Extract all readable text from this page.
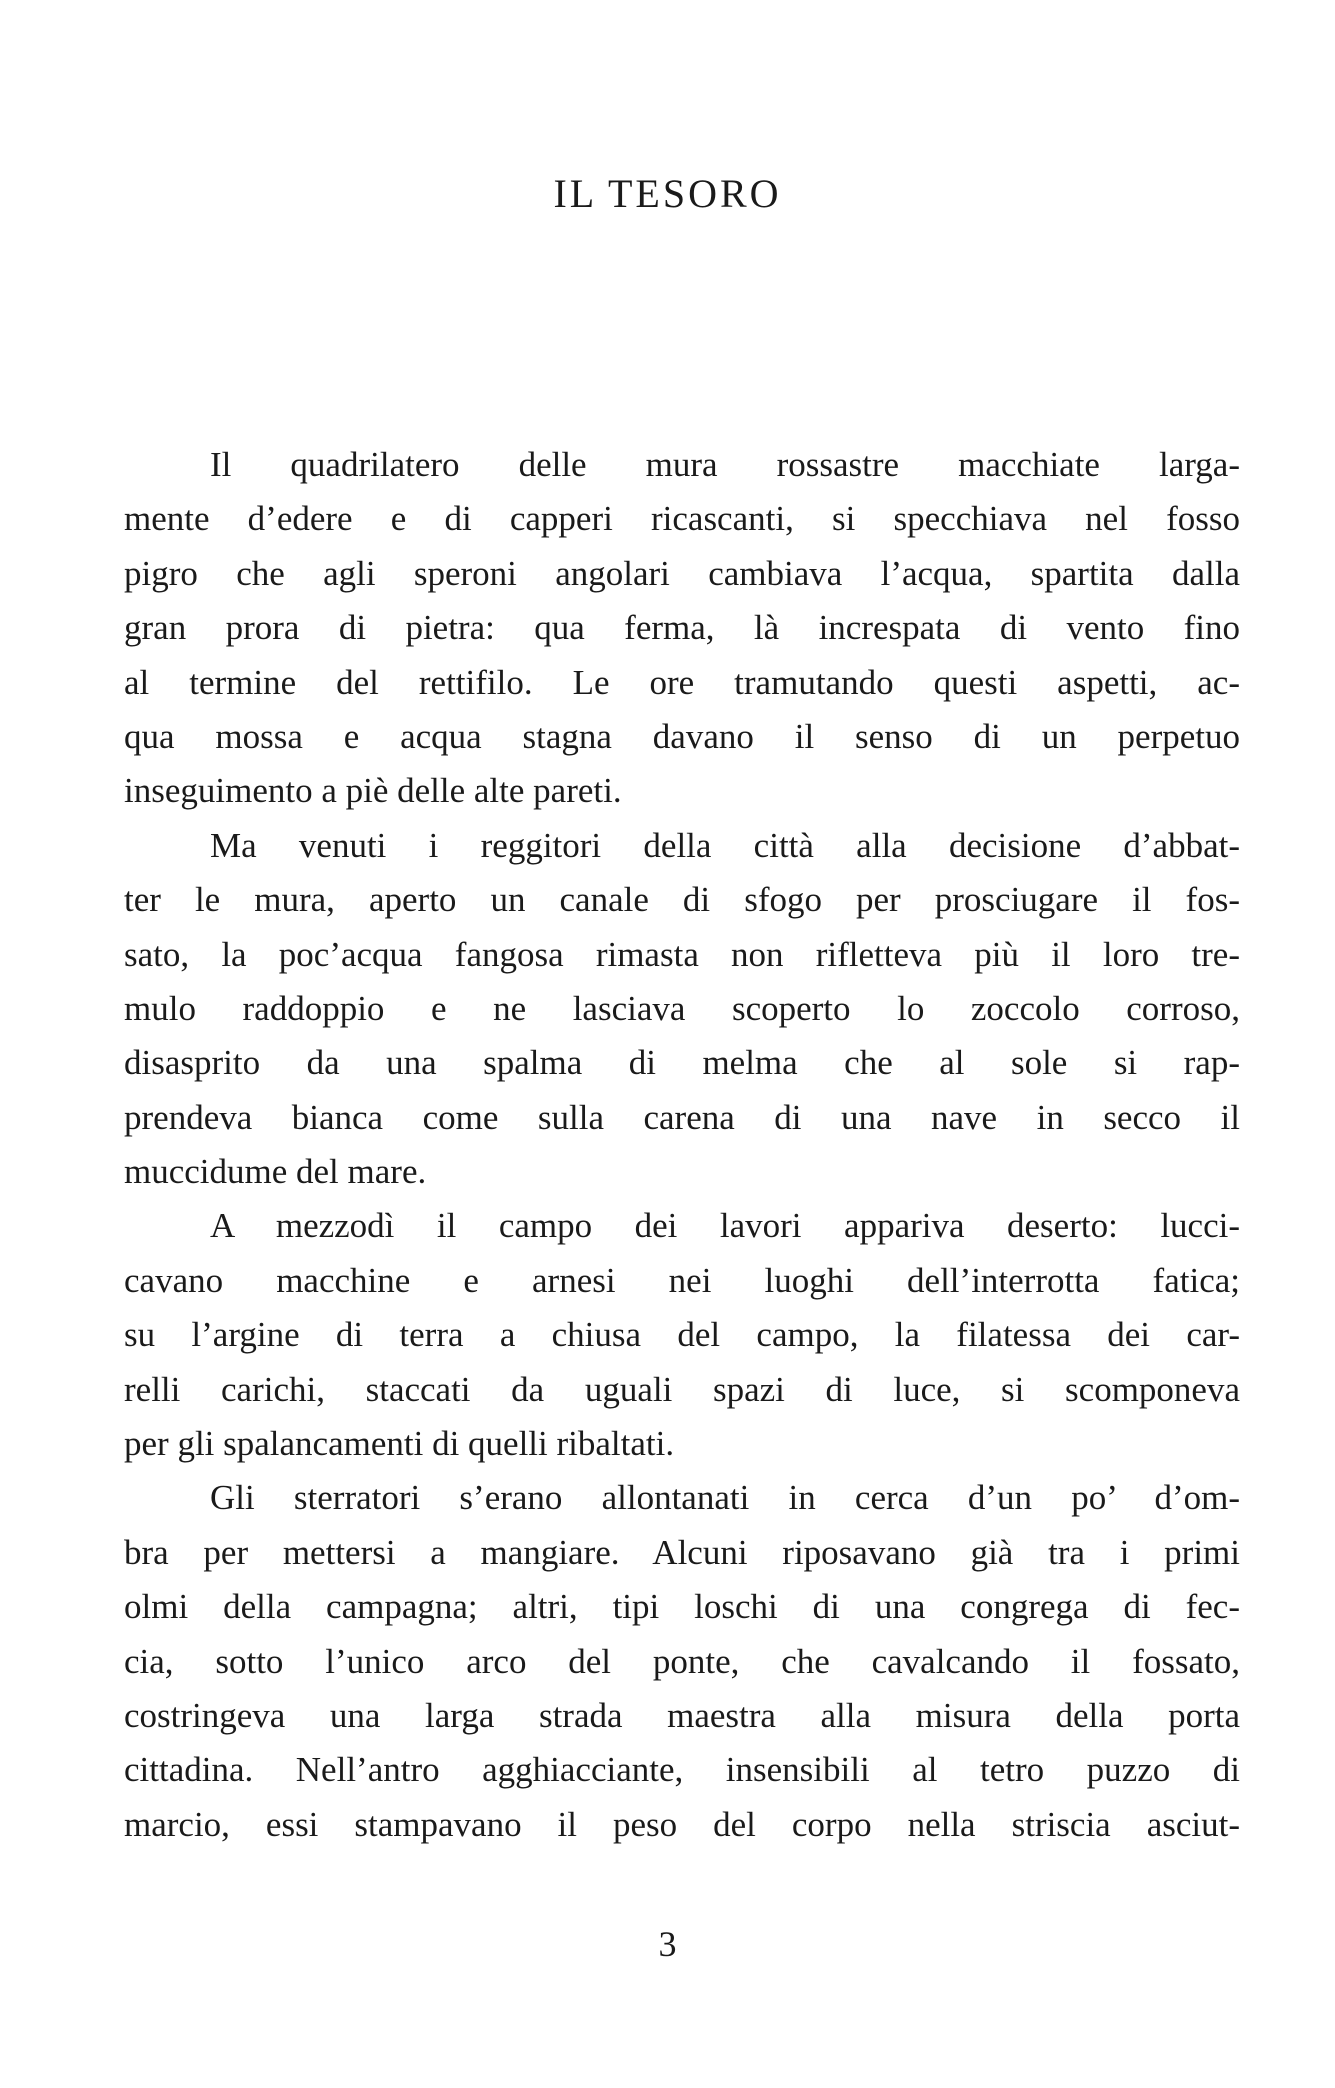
IL TESORO
Il quadrilatero delle mura rossastre macchiate larga-
mente d’edere e di capperi ricascanti, si specchiava nel fosso
pigro che agli speroni angolari cambiava l’acqua, spartita dalla
gran prora di pietra: qua ferma, là increspata di vento fino
al termine del rettifilo. Le ore tramutando questi aspetti, ac-
qua mossa e acqua stagna davano il senso di un perpetuo
inseguimento a piè delle alte pareti.
Ma venuti i reggitori della città alla decisione d’abbat-
ter le mura, aperto un canale di sfogo per prosciugare il fos-
sato, la poc’acqua fangosa rimasta non rifletteva più il loro tre-
mulo raddoppio e ne lasciava scoperto lo zoccolo corroso,
disasprito da una spalma di melma che al sole si rap-
prendeva bianca come sulla carena di una nave in secco il
muccidume del mare.
A mezzodì il campo dei lavori appariva deserto: lucci-
cavano macchine e arnesi nei luoghi dell’interrotta fatica;
su l’argine di terra a chiusa del campo, la filatessa dei car-
relli carichi, staccati da uguali spazi di luce, si scomponeva
per gli spalancamenti di quelli ribaltati.
Gli sterratori s’erano allontanati in cerca d’un po’ d’om-
bra per mettersi a mangiare. Alcuni riposavano già tra i primi
olmi della campagna; altri, tipi loschi di una congrega di fec-
cia, sotto l’unico arco del ponte, che cavalcando il fossato,
costringeva una larga strada maestra alla misura della porta
cittadina. Nell’antro agghiacciante, insensibili al tetro puzzo di
marcio, essi stampavano il peso del corpo nella striscia asciut-
3
